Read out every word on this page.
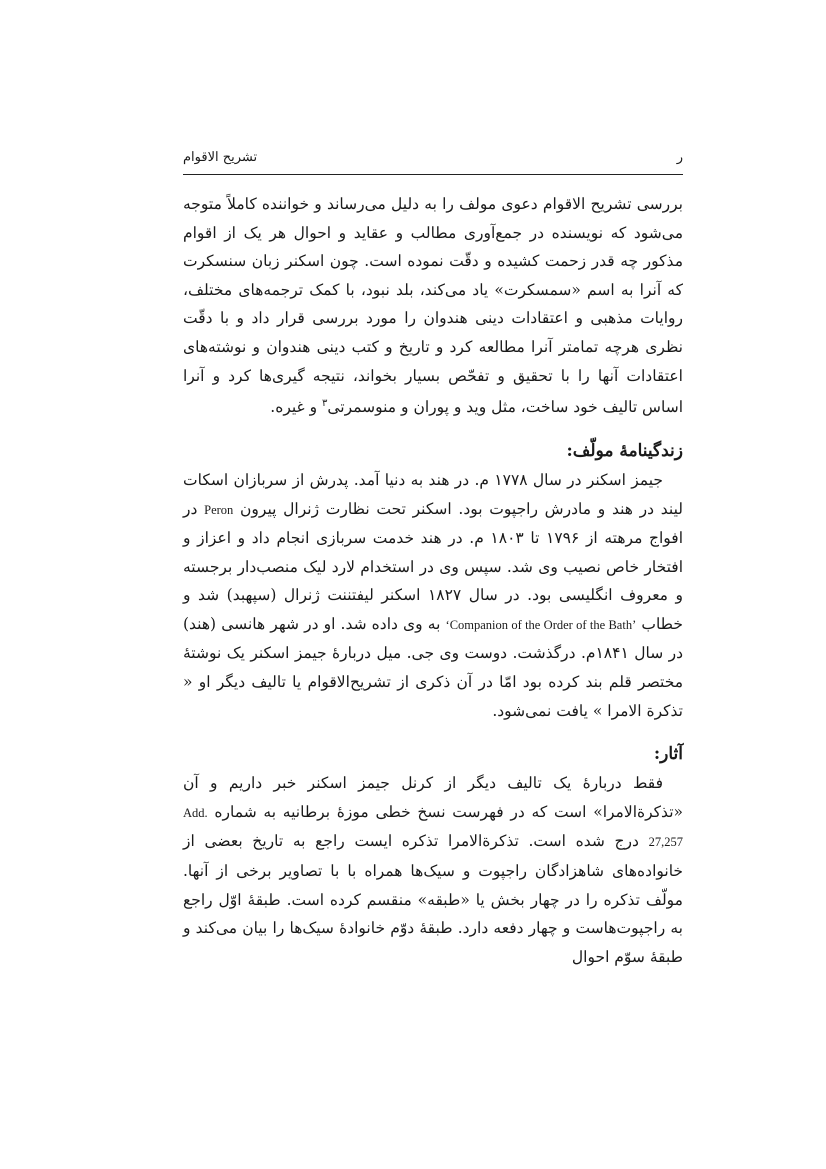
ر
تشریح الاقوام

بررسی تشریح الاقوام دعوی مولف را به دلیل می‌رساند و خواننده کاملاً متوجه می‌شود که نویسنده در جمع‌آوری مطالب و عقاید و احوال هر یک از اقوام مذکور چه قدر زحمت کشیده و دقّت نموده است. چون اسکنر زبان سنسکرت که آنرا به اسم «سمسکرت» یاد می‌کند، بلد نبود، با کمک ترجمه‌های مختلف، روایات مذهبی و اعتقادات دینی هندوان را مورد بررسی قرار داد و با دقّت نظری هرچه تمامتر آنرا مطالعه کرد و تاریخ و کتب دینی هندوان و نوشته‌های اعتقادات آنها را با تحقیق و تفحّص بسیار بخواند، نتیجه گیری‌ها کرد و آنرا اساس تالیف خود ساخت، مثل وید و پوران و منوسمرتی$^۳$ و غیره.

زندگینامهٔ مولّف:

جیمز اسکنر در سال ۱۷۷۸ م. در هند به دنیا آمد. پدرش از سربازان اسکات لیند در هند و مادرش راجپوت بود. اسکنر تحت نظارت ژنرال پیرون Peron در افواج مرهته از ۱۷۹۶ تا ۱۸۰۳ م. در هند خدمت سربازی انجام داد و اعزاز و افتخار خاص نصیب وی شد. سپس وی در استخدام لارد لیک منصب‌دار برجسته و معروف انگلیسی بود. در سال ۱۸۲۷ اسکنر لیفتننت ژنرال (سپهبد) شد و خطاب ‘Companion of the Order of the Bath’ به وی داده شد. او در شهر هانسی (هند) در سال ۱۸۴۱م. درگذشت. دوست وی جی. میل دربارهٔ جیمز اسکنر یک نوشتهٔ مختصر قلم بند کرده بود امّا در آن ذکری از تشریح‌الاقوام یا تالیف دیگر او « تذکرة الامرا » یافت نمی‌شود.

آثار:

فقط دربارهٔ یک تالیف دیگر از کرنل جیمز اسکنر خبر داریم و آن «تذکرةالامرا» است که در فهرست نسخ خطی موزهٔ برطانیه به شماره Add. 27,257 درج شده است. تذکرةالامرا تذکره ایست راجع به تاریخ بعضی از خانواده‌های شاهزادگان راجپوت و سیک‌ها همراه با با تصاویر برخی از آنها. مولّف تذکره را در چهار بخش یا «طبقه» منقسم کرده است. طبقهٔ اوّل راجع به راجپوت‌هاست و چهار دفعه دارد. طبقهٔ دوّم خانوادهٔ سیک‌ها را بیان می‌کند و طبقهٔ سوّم احوال
